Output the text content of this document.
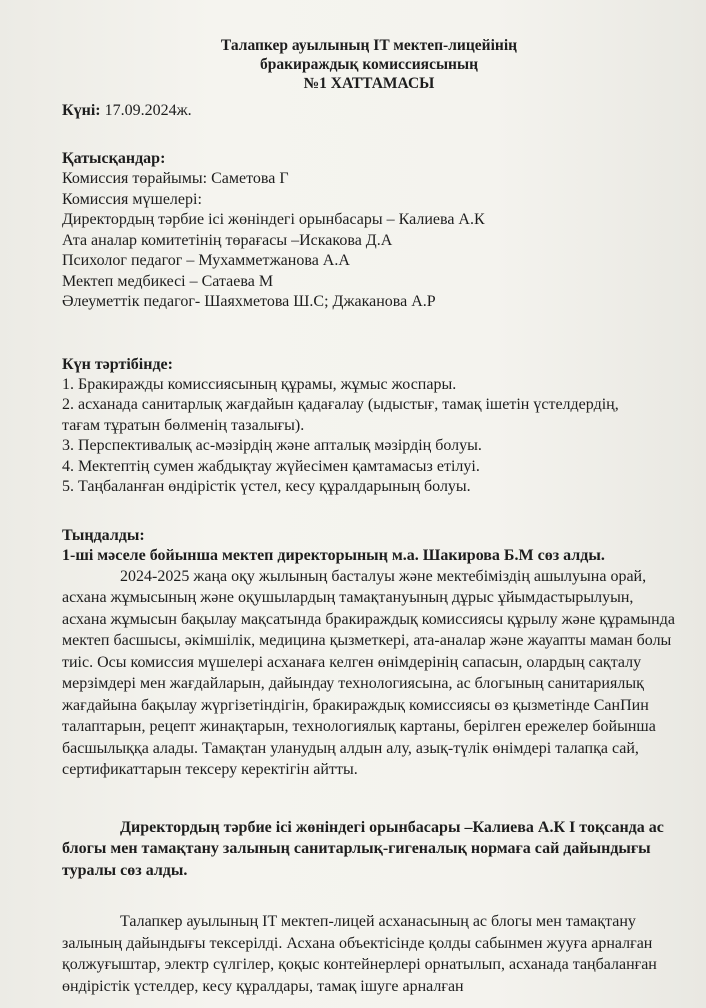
Талапкер ауылының IT мектеп-лицейінің
бракираждық комиссиясының
№1 ХАТТАМАСЫ
Күні: 17.09.2024ж.
Қатысқандар:
Комиссия төрайымы: Саметова Г
Комиссия мүшелері:
Директордың тәрбие ісі жөніндегі орынбасары – Калиева А.К
Ата аналар комитетінің төрағасы –Искакова Д.А
Психолог педагог – Мухамметжанова А.А
Мектеп медбикесі – Сатаева М
Әлеуметтік педагог- Шаяхметова Ш.С; Джаканова А.Р
Күн тәртібінде:
1. Бракиражды комиссиясының құрамы, жұмыс жоспары.
2. асханада санитарлық жағдайын қадағалау (ыдыстығ, тамақ ішетін үстелдердің,
тағам тұратын бөлменің тазалығы).
3. Перспективалық ас-мәзірдің және апталық мәзірдің болуы.
4. Мектептің сумен жабдықтау жүйесімен қамтамасыз етілуі.
5. Таңбаланған өндірістік үстел, кесу құралдарының болуы.
Тыңдалды:
1-ші мәселе бойынша мектеп директорының м.а. Шакирова Б.М сөз алды.
2024-2025 жаңа оқу жылының басталуы және мектебіміздің ашылуына орай, асхана жұмысының және оқушылардың тамақтануының дұрыс ұйымдастырылуын, асхана жұмысын бақылау мақсатында бракираждық комиссиясы құрылу және құрамында мектеп басшысы, әкімшілік, медицина қызметкері, ата-аналар және жауапты маман болы тиіс. Осы комиссия мүшелері асханаға келген өнімдерінің сапасын, олардың сақталу мерзімдері мен жағдайларын, дайындау технологиясына, ас блогының санитариялық жағдайына бақылау жүргізетіндігін, бракираждық комиссиясы өз қызметінде СанПин талаптарын, рецепт жинақтарын, технологиялық картаны, берілген ережелер бойынша басшылыққа алады. Тамақтан уланудың алдын алу, азық-түлік өнімдері талапқа сай, сертификаттарын тексеру керектігін айтты.
Директордың тәрбие ісі жөніндегі орынбасары –Калиева А.К І тоқсанда ас блогы мен тамақтану залының санитарлық-гигеналық нормаға сай дайындығы туралы сөз алды.
Талапкер ауылының IT мектеп-лицей асханасының ас блогы мен тамақтану залының дайындығы тексерілді. Асхана объектісінде қолды сабынмен жууға арналған қолжуғыштар, электр сүлгілер, қоқыс контейнерлері орнатылып, асханада таңбаланған өндірістік үстелдер, кесу құралдары, тамақ ішуге арналған
